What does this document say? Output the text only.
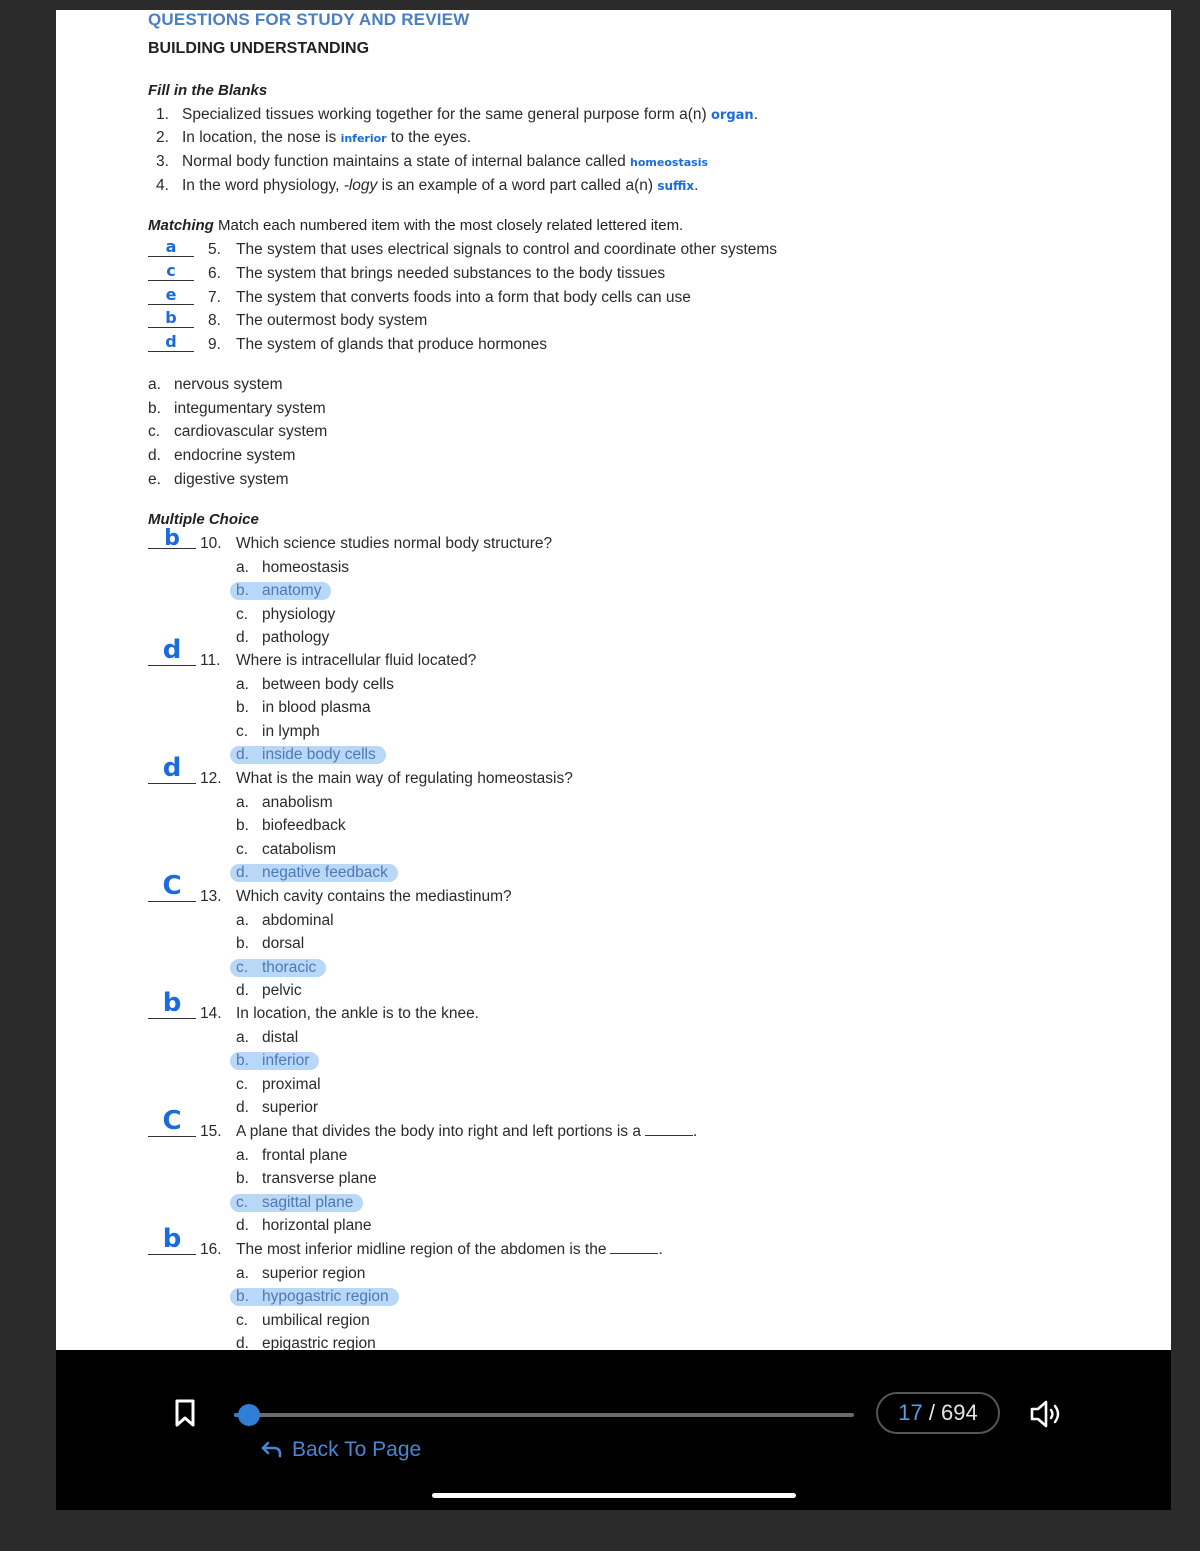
QUESTIONS FOR STUDY AND REVIEW
BUILDING UNDERSTANDING
Fill in the Blanks
1. Specialized tissues working together for the same general purpose form a(n) organ.
2. In location, the nose is inferior to the eyes.
3. Normal body function maintains a state of internal balance called homeostasis
4. In the word physiology, -logy is an example of a word part called a(n) suffix.
Matching Match each numbered item with the most closely related lettered item.
a	5. The system that uses electrical signals to control and coordinate other systems
c	6. The system that brings needed substances to the body tissues
e	7. The system that converts foods into a form that body cells can use
b	8. The outermost body system
d	9. The system of glands that produce hormones
a. nervous system
b. integumentary system
c. cardiovascular system
d. endocrine system
e. digestive system
Multiple Choice
b	10. Which science studies normal body structure?
a. homeostasis
b. anatomy
c. physiology
d. pathology
d	11. Where is intracellular fluid located?
a. between body cells
b. in blood plasma
c. in lymph
d. inside body cells
d	12. What is the main way of regulating homeostasis?
a. anabolism
b. biofeedback
c. catabolism
d. negative feedback
C	13. Which cavity contains the mediastinum?
a. abdominal
b. dorsal
c. thoracic
d. pelvic
b	14. In location, the ankle is to the knee.
a. distal
b. inferior
c. proximal
d. superior
C	15. A plane that divides the body into right and left portions is a	.
a. frontal plane
b. transverse plane
c. sagittal plane
d. horizontal plane
b	16. The most inferior midline region of the abdomen is the	.
a. superior region
b. hypogastric region
c. umbilical region
d. epigastric region
17 / 694
Back To Page
